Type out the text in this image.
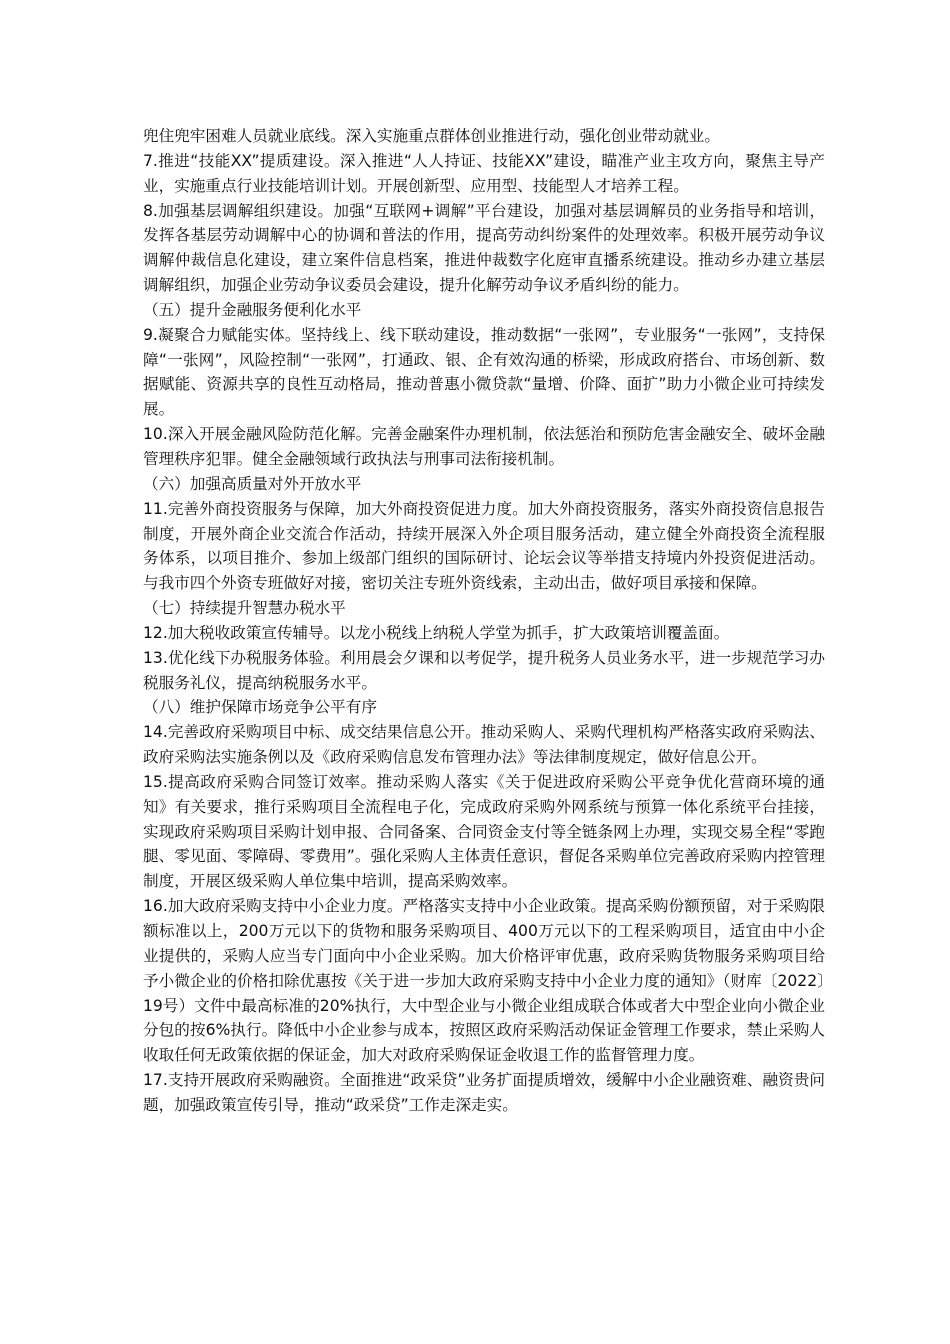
兜住兜牢困难人员就业底线。深入实施重点群体创业推进行动，强化创业带动就业。

7.推进“技能XX”提质建设。深入推进“人人持证、技能XX”建设，瞄准产业主攻方向，聚焦主导产业，实施重点行业技能培训计划。开展创新型、应用型、技能型人才培养工程。

8.加强基层调解组织建设。加强“互联网+调解”平台建设，加强对基层调解员的业务指导和培训，发挥各基层劳动调解中心的协调和普法的作用，提高劳动纠纷案件的处理效率。积极开展劳动争议调解仲裁信息化建设，建立案件信息档案，推进仲裁数字化庭审直播系统建设。推动乡办建立基层调解组织，加强企业劳动争议委员会建设，提升化解劳动争议矛盾纠纷的能力。

（五）提升金融服务便利化水平

9.凝聚合力赋能实体。坚持线上、线下联动建设，推动数据“一张网”，专业服务“一张网”，支持保障“一张网”，风险控制“一张网”，打通政、银、企有效沟通的桥梁，形成政府搭台、市场创新、数据赋能、资源共享的良性互动格局，推动普惠小微贷款“量增、价降、面扩”助力小微企业可持续发展。

10.深入开展金融风险防范化解。完善金融案件办理机制，依法惩治和预防危害金融安全、破坏金融管理秩序犯罪。健全金融领域行政执法与刑事司法衔接机制。

（六）加强高质量对外开放水平

11.完善外商投资服务与保障，加大外商投资促进力度。加大外商投资服务，落实外商投资信息报告制度，开展外商企业交流合作活动，持续开展深入外企项目服务活动，建立健全外商投资全流程服务体系，以项目推介、参加上级部门组织的国际研讨、论坛会议等举措支持境内外投资促进活动。与我市四个外资专班做好对接，密切关注专班外资线索，主动出击，做好项目承接和保障。

（七）持续提升智慧办税水平

12.加大税收政策宣传辅导。以龙小税线上纳税人学堂为抓手，扩大政策培训覆盖面。

13.优化线下办税服务体验。利用晨会夕课和以考促学，提升税务人员业务水平，进一步规范学习办税服务礼仪，提高纳税服务水平。

（八）维护保障市场竞争公平有序

14.完善政府采购项目中标、成交结果信息公开。推动采购人、采购代理机构严格落实政府采购法、政府采购法实施条例以及《政府采购信息发布管理办法》等法律制度规定，做好信息公开。

15.提高政府采购合同签订效率。推动采购人落实《关于促进政府采购公平竞争优化营商环境的通知》有关要求，推行采购项目全流程电子化，完成政府采购外网系统与预算一体化系统平台挂接，实现政府采购项目采购计划申报、合同备案、合同资金支付等全链条网上办理，实现交易全程“零跑腿、零见面、零障碍、零费用”。强化采购人主体责任意识，督促各采购单位完善政府采购内控管理制度，开展区级采购人单位集中培训，提高采购效率。

16.加大政府采购支持中小企业力度。严格落实支持中小企业政策。提高采购份额预留，对于采购限额标准以上，200万元以下的货物和服务采购项目、400万元以下的工程采购项目，适宜由中小企业提供的，采购人应当专门面向中小企业采购。加大价格评审优惠，政府采购货物服务采购项目给予小微企业的价格扣除优惠按《关于进一步加大政府采购支持中小企业力度的通知》（财库〔2022〕19号）文件中最高标准的20%执行，大中型企业与小微企业组成联合体或者大中型企业向小微企业分包的按6%执行。降低中小企业参与成本，按照区政府采购活动保证金管理工作要求，禁止采购人收取任何无政策依据的保证金，加大对政府采购保证金收退工作的监督管理力度。

17.支持开展政府采购融资。全面推进“政采贷”业务扩面提质增效，缓解中小企业融资难、融资贵问题，加强政策宣传引导，推动“政采贷”工作走深走实。
